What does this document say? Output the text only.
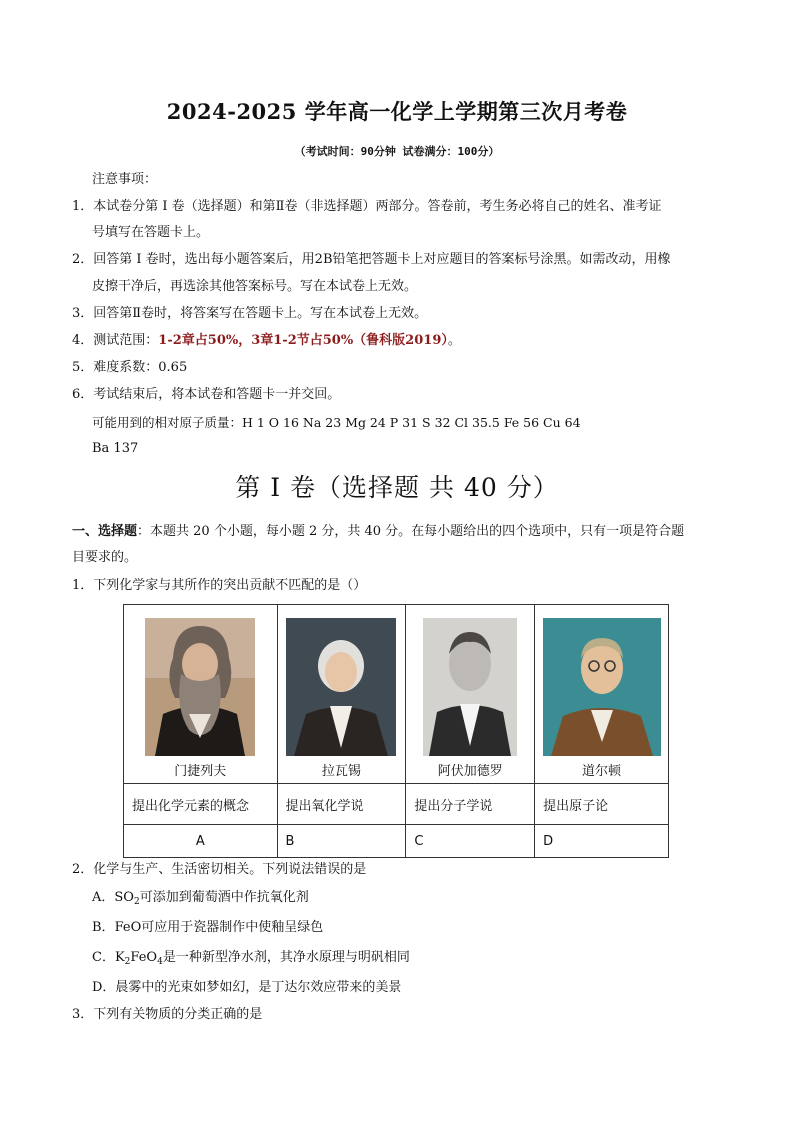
2024-2025 学年高一化学上学期第三次月考卷
（考试时间：90分钟 试卷满分：100分）
注意事项：
1．本试卷分第 I 卷（选择题）和第Ⅱ卷（非选择题）两部分。答卷前，考生务必将自己的姓名、准考证
号填写在答题卡上。
2．回答第 I 卷时，选出每小题答案后，用2B铅笔把答题卡上对应题目的答案标号涂黑。如需改动，用橡
皮擦干净后，再选涂其他答案标号。写在本试卷上无效。
3．回答第Ⅱ卷时，将答案写在答题卡上。写在本试卷上无效。
4．测试范围：1-2章占50%，3章1-2节占50%（鲁科版2019）。
5．难度系数：0.65
6．考试结束后，将本试卷和答题卡一并交回。
可能用到的相对原子质量：H 1 O 16 Na 23 Mg 24 P 31 S 32 Cl 35.5 Fe 56 Cu 64
Ba 137
第 I 卷（选择题 共 40 分）
一、选择题：本题共 20 个小题，每小题 2 分，共 40 分。在每小题给出的四个选项中，只有一项是符合题
目要求的。
1．下列化学家与其所作的突出贡献不匹配的是（）
门捷列夫	拉瓦锡	阿伏加德罗	道尔顿

提出化学元素的概念	提出氧化学说	提出分子学说	提出原子论
A	B	C	D
2．化学与生产、生活密切相关。下列说法错误的是
A．$SO_2$可添加到葡萄酒中作抗氧化剂
B．FeO可应用于瓷器制作中使釉呈绿色
C．$K_2FeO_4$是一种新型净水剂，其净水原理与明矾相同
D．晨雾中的光束如梦如幻，是丁达尔效应带来的美景
3．下列有关物质的分类正确的是
